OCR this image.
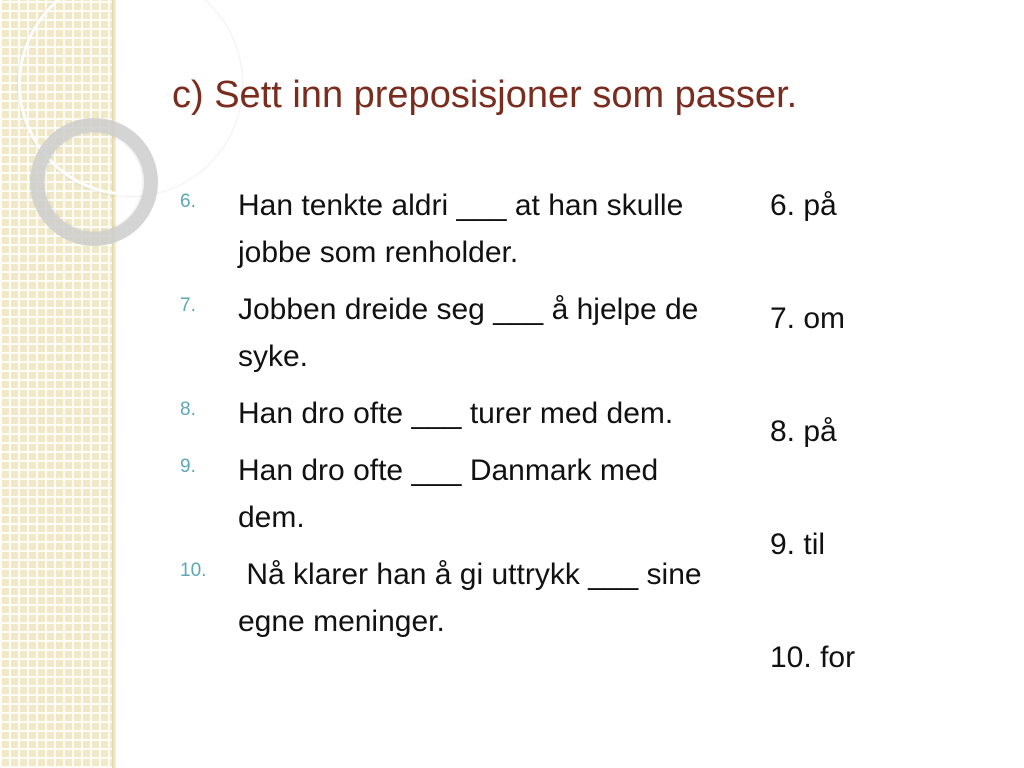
c) Sett inn preposisjoner som passer.
6.	Han tenkte aldri ___ at han skulle jobbe som renholder.
7.	Jobben dreide seg ___ å hjelpe de syke.
8.	Han dro ofte ___ turer med dem.
9.	Han dro ofte ___ Danmark med dem.
10.	Nå klarer han å gi uttrykk ___ sine egne meninger.
6. på
7. om
8. på
9. til
10. for
